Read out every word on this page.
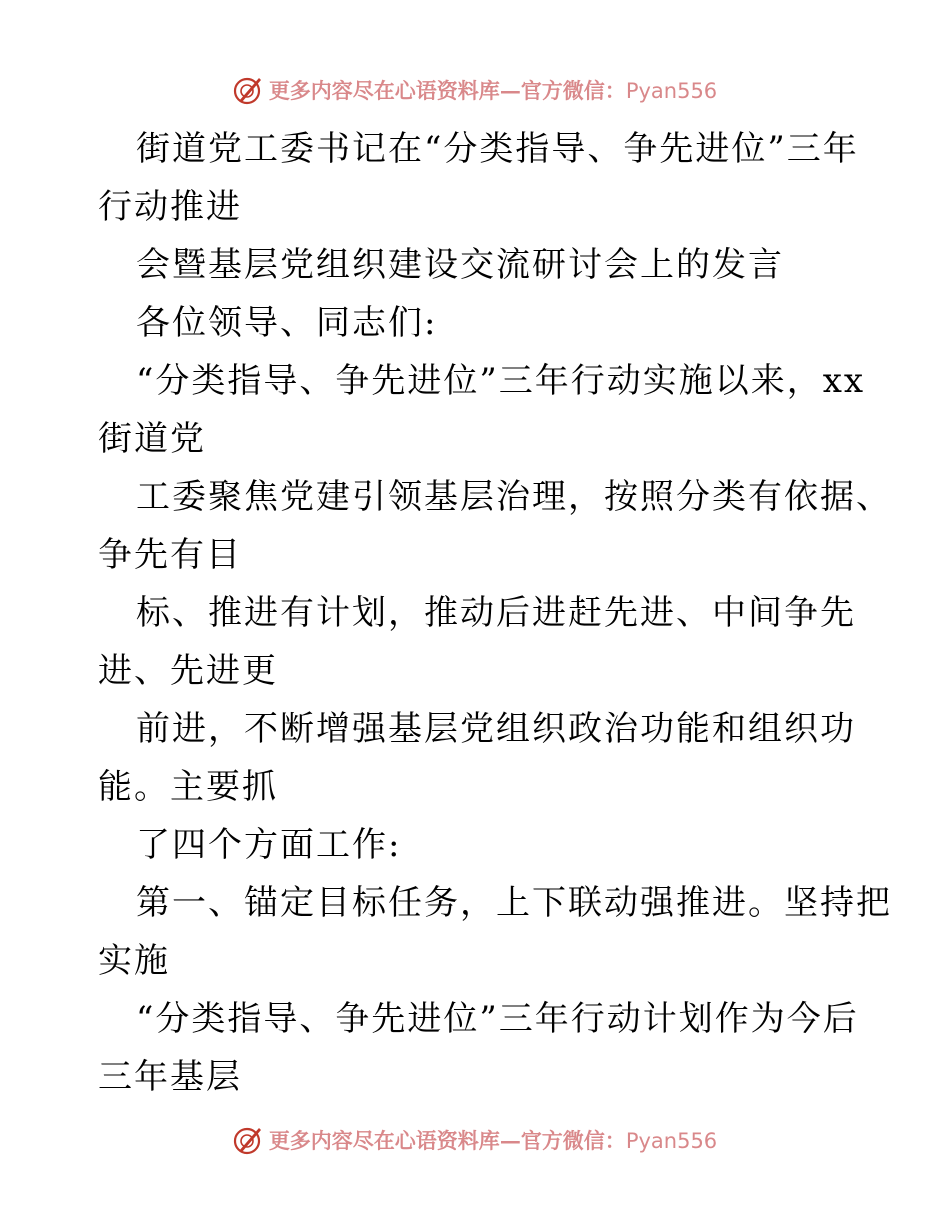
更多内容尽在心语资料库—官方微信：Pyan556
街道党工委书记在“分类指导、争先进位”三年
行动推进
会暨基层党组织建设交流研讨会上的发言
各位领导、同志们:
“分类指导、争先进位”三年行动实施以来，xx
街道党
工委聚焦党建引领基层治理，按照分类有依据、
争先有目
标、推进有计划，推动后进赶先进、中间争先
进、先进更
前进，不断增强基层党组织政治功能和组织功
能。主要抓
了四个方面工作:
第一、锚定目标任务，上下联动强推进。坚持把
实施
“分类指导、争先进位”三年行动计划作为今后
三年基层
更多内容尽在心语资料库—官方微信：Pyan556
